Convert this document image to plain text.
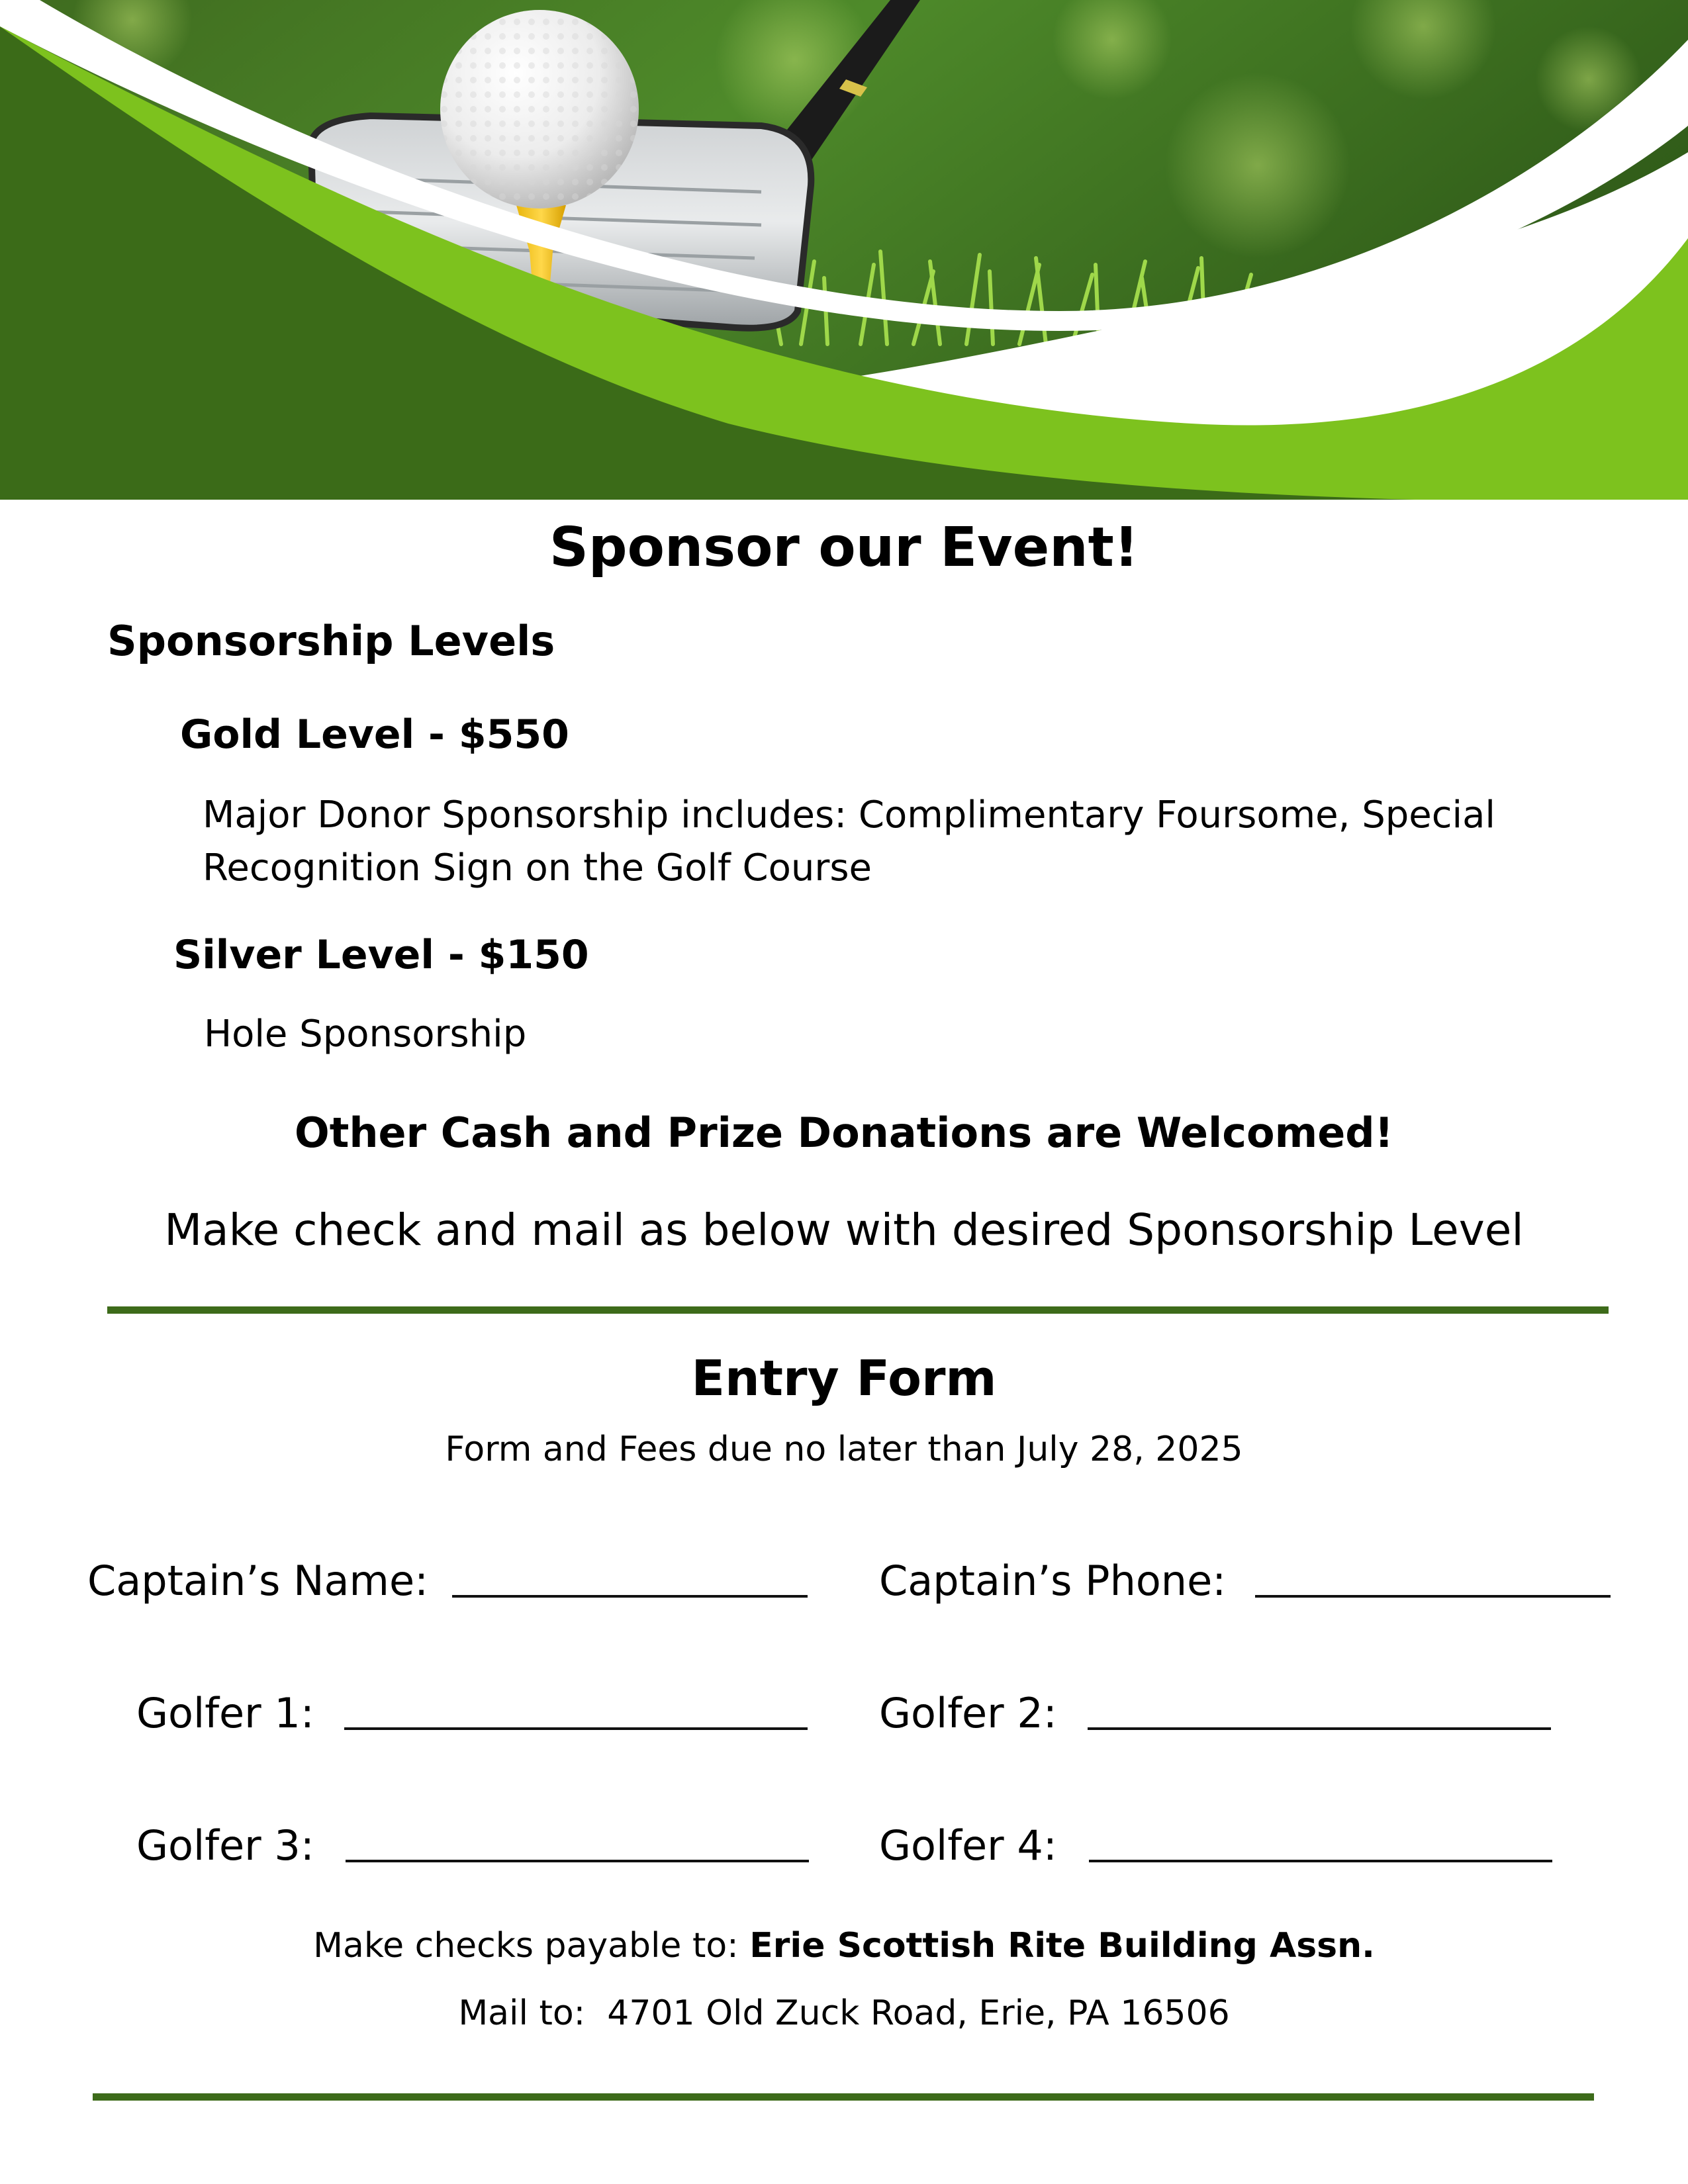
Sponsor our Event!
Sponsorship Levels
Gold Level - $550
Major Donor Sponsorship includes: Complimentary Foursome, Special
Recognition Sign on the Golf Course
Silver Level - $150
Hole Sponsorship
Other Cash and Prize Donations are Welcomed!
Make check and mail as below with desired Sponsorship Level
Entry Form
Form and Fees due no later than July 28, 2025
Captain’s Name:	Captain’s Phone:
Golfer 1:	Golfer 2:
Golfer 3:	Golfer 4:
Make checks payable to: Erie Scottish Rite Building Assn.
Mail to:  4701 Old Zuck Road, Erie, PA 16506
